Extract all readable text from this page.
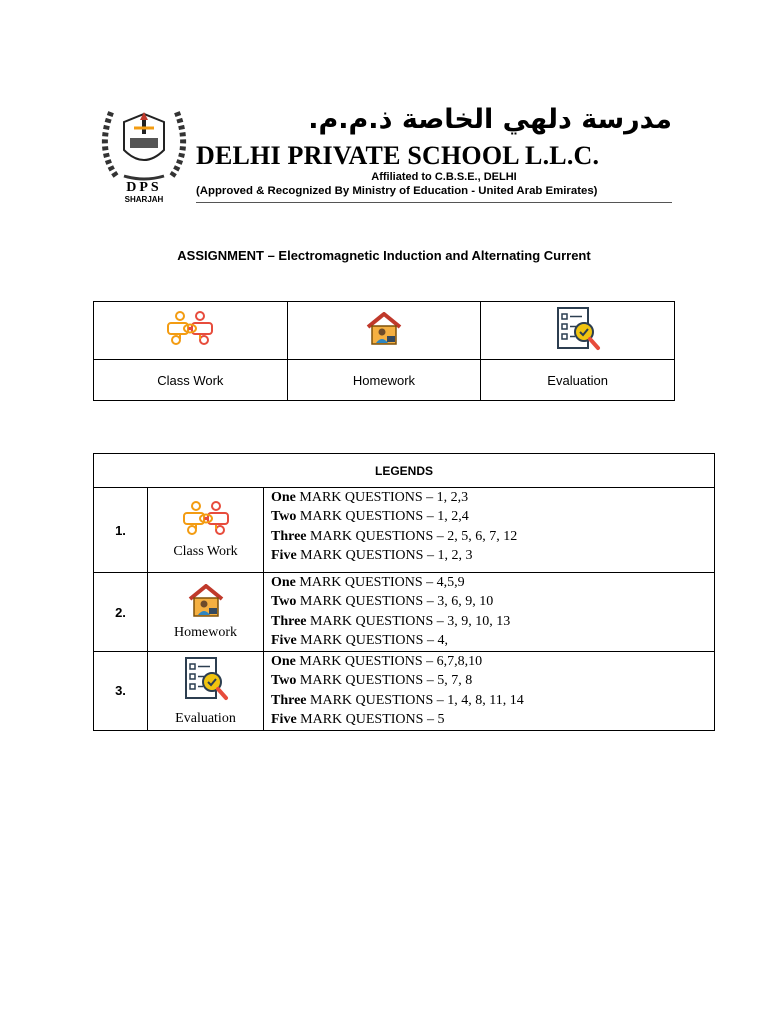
DPS
SHARJAH
مدرسة دلهي الخاصة ذ.م.م.
DELHI PRIVATE SCHOOL L.L.C.
Affiliated to C.B.S.E., DELHI
(Approved & Recognized By Ministry of Education - United Arab Emirates)
ASSIGNMENT – Electromagnetic Induction and Alternating Current

Class Work	Homework	Evaluation
LEGENDS		
1.	Class Work	One MARK QUESTIONS – 1, 2,3
Two MARK QUESTIONS – 1, 2,4
Three MARK QUESTIONS – 2, 5, 6, 7, 12
Five MARK QUESTIONS – 1, 2, 3

2.	Homework	One MARK QUESTIONS – 4,5,9
Two MARK QUESTIONS – 3, 6, 9, 10
Three MARK QUESTIONS – 3, 9, 10, 13
Five MARK QUESTIONS – 4,

3.	Evaluation	One MARK QUESTIONS – 6,7,8,10
Two MARK QUESTIONS – 5, 7, 8
Three MARK QUESTIONS – 1, 4, 8, 11, 14
Five MARK QUESTIONS – 5
